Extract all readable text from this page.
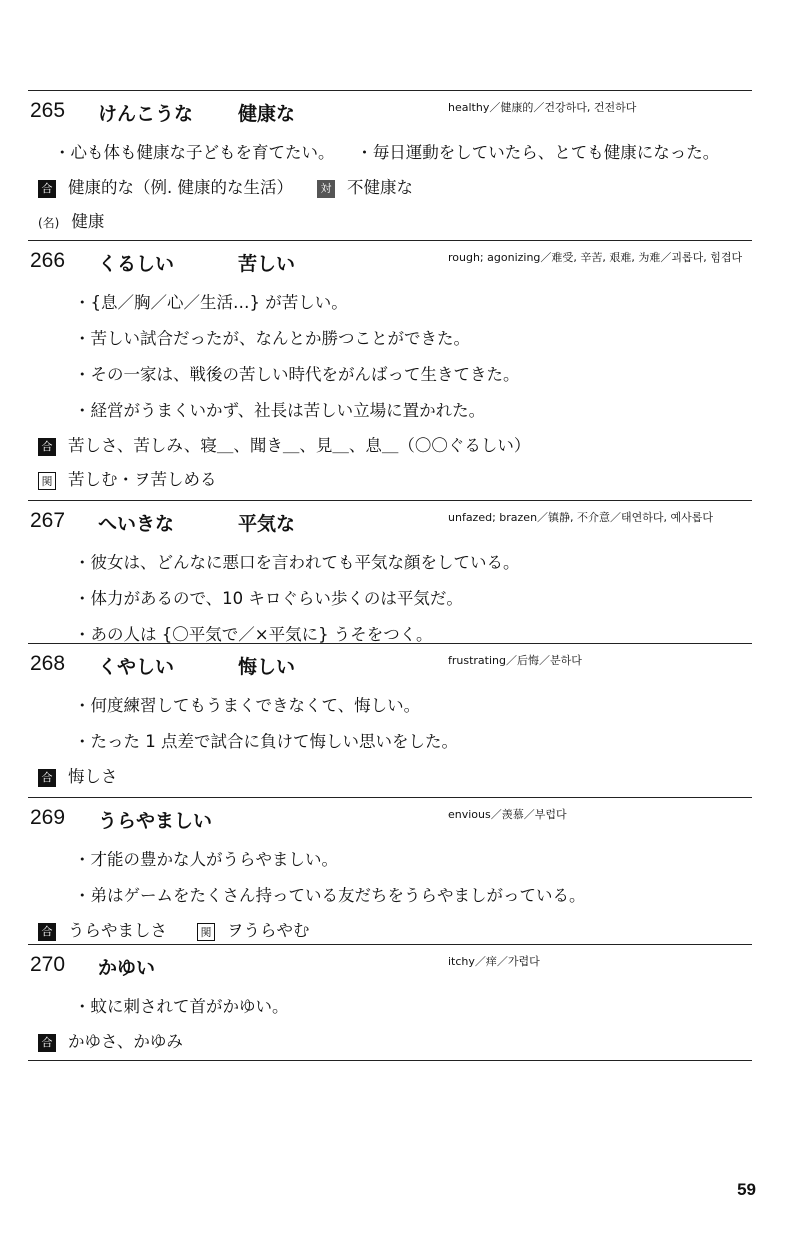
265 けんこうな 健康な	healthy／健康的／건강하다, 건전하다
・心も体も健康な子どもを育てたい。 ・毎日運動をしていたら、とても健康になった。
合 健康的な（例. 健康的な生活）	対 不健康な
(名) 健康
266 くるしい	苦しい	rough; agonizing／难受, 辛苦, 艰难, 为难／괴롭다, 힘겹다
・{息／胸／心／生活…} が苦しい。
・苦しい試合だったが、なんとか勝つことができた。
・その一家は、戦後の苦しい時代をがんばって生きてきた。
・経営がうまくいかず、社長は苦しい立場に置かれた。
合 苦しさ、苦しみ、寝＿、聞き＿、見＿、息＿（〇〇ぐるしい）
関 苦しむ・ヲ苦しめる
267 へいきな	平気な	unfazed; brazen／镇静, 不介意／태연하다, 예사롭다
・彼女は、どんなに悪口を言われても平気な顔をしている。
・体力があるので、10 キロぐらい歩くのは平気だ。
・あの人は {〇平気で／×平気に} うそをつく。
268 くやしい	悔しい	frustrating／后悔／분하다
・何度練習してもうまくできなくて、悔しい。
・たった 1 点差で試合に負けて悔しい思いをした。
合 悔しさ
269 うらやましい	envious／羡慕／부럽다
・才能の豊かな人がうらやましい。
・弟はゲームをたくさん持っている友だちをうらやましがっている。
合 うらやましさ	関 ヲうらやむ
270 かゆい	itchy／痒／가렵다
・蚊に刺されて首がかゆい。
合 かゆさ、かゆみ
59
